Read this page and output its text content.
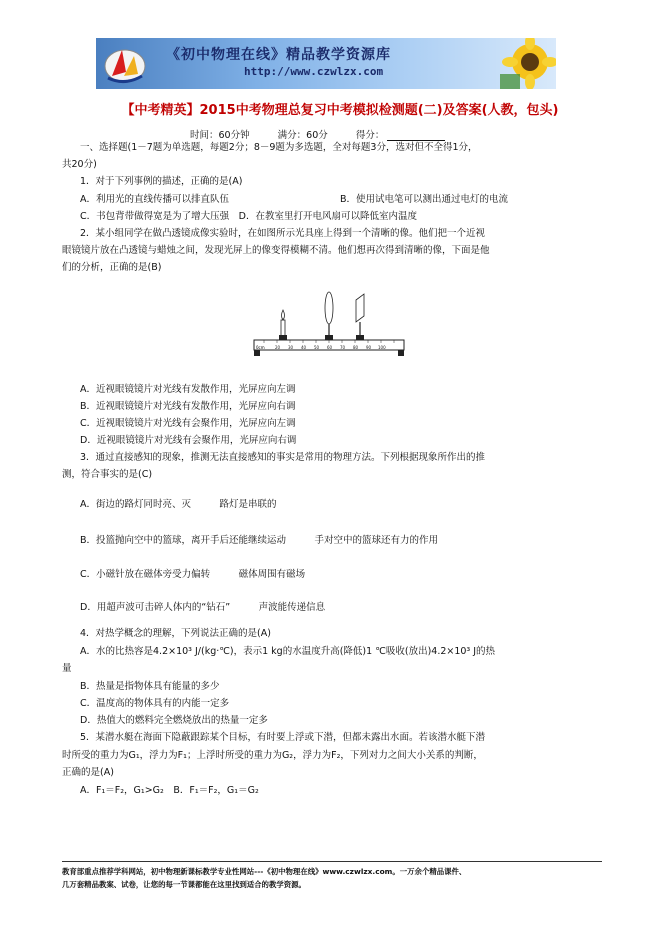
《初中物理在线》精品教学资源库
http://www.czwlzx.com
【中考精英】2015中考物理总复习中考模拟检测题(二)及答案(人教，包头)
时间：60分钟	满分：60分	得分：
一、选择题(1－7题为单选题，每题2分；8－9题为多选题，全对每题3分，选对但不全得1分，
共20分)
1．对于下列事例的描述，正确的是(A)
A．利用光的直线传播可以排直队伍	B．使用试电笔可以测出通过电灯的电流
C．书包背带做得宽是为了增大压强　D．在教室里打开电风扇可以降低室内温度
2．某小组同学在做凸透镜成像实验时，在如图所示光具座上得到一个清晰的像。他们把一个近视
眼镜镜片放在凸透镜与蜡烛之间，发现光屏上的像变得模糊不清。他们想再次得到清晰的像，下面是他
们的分析，正确的是(B)
0cm	20 30 40 50 60 70 80 90 100
A．近视眼镜镜片对光线有发散作用，光屏应向左调
B．近视眼镜镜片对光线有发散作用，光屏应向右调
C．近视眼镜镜片对光线有会聚作用，光屏应向左调
D．近视眼镜镜片对光线有会聚作用，光屏应向右调
3．通过直接感知的现象，推测无法直接感知的事实是常用的物理方法。下列根据现象所作出的推
测，符合事实的是(C)
A．街边的路灯同时亮、灭　　　路灯是串联的
B．投篮抛向空中的篮球，离开手后还能继续运动　　　手对空中的篮球还有力的作用
C．小磁针放在磁体旁受力偏转　　　磁体周围有磁场
D．用超声波可击碎人体内的“钻石”　　　声波能传递信息
4．对热学概念的理解，下列说法正确的是(A)
A．水的比热容是4.2×10³ J/(kg·℃)，表示1 kg的水温度升高(降低)1 ℃吸收(放出)4.2×10³ J的热
量
B．热量是指物体具有能量的多少
C．温度高的物体具有的内能一定多
D．热值大的燃料完全燃烧放出的热量一定多
5．某潜水艇在海面下隐蔽跟踪某个目标，有时要上浮或下潜，但都未露出水面。若该潜水艇下潜
时所受的重力为G₁，浮力为F₁；上浮时所受的重力为G₂，浮力为F₂，下列对力之间大小关系的判断，
正确的是(A)
A．F₁＝F₂，G₁>G₂　B．F₁＝F₂，G₁＝G₂
教育部重点推荐学科网站，初中物理新课标教学专业性网站---《初中物理在线》www.czwlzx.com。一万余个精品课件、
几万套精品教案、试卷，让您的每一节课都能在这里找到适合的教学资源。
